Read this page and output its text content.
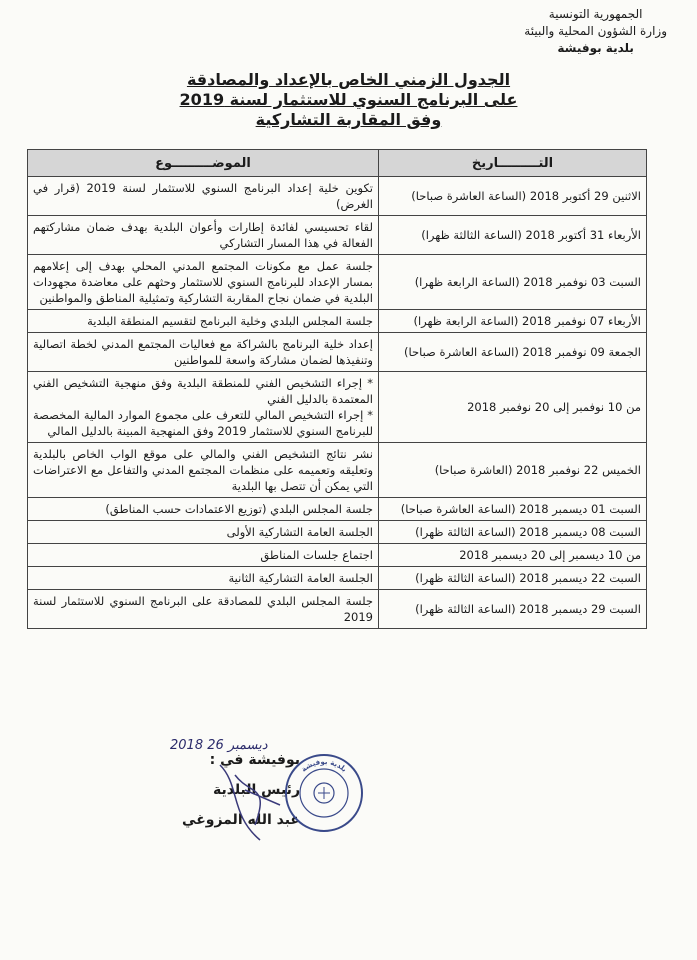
الجمهورية التونسية
وزارة الشؤون المحلية والبيئة
بلدية بوفيشة
الجدول الزمني الخاص بالإعداد والمصادقة
على البرنامج السنوي للاستثمار لسنة 2019
وفق المقاربة التشاركية
التـــــــــاريخ	الموضـــــــــوع
الاثنين 29 أكتوبر 2018 (الساعة العاشرة صباحا)	تكوين خلية إعداد البرنامج السنوي للاستثمار لسنة 2019 (قرار في الغرض)

الأربعاء 31 أكتوبر 2018 (الساعة الثالثة ظهرا)	لقاء تحسيسي لفائدة إطارات وأعوان البلدية بهدف ضمان مشاركتهم الفعالة في هذا المسار التشاركي

السبت 03 نوفمبر 2018 (الساعة الرابعة ظهرا)	جلسة عمل مع مكونات المجتمع المدني المحلي بهدف إلى إعلامهم بمسار الإعداد للبرنامج السنوي للاستثمار وحثهم على معاضدة مجهودات البلدية في ضمان نجاح المقاربة التشاركية وتمثيلية المناطق والمواطنين

الأربعاء 07 نوفمبر 2018 (الساعة الرابعة ظهرا)	جلسة المجلس البلدي وخلية البرنامج لتقسيم المنطقة البلدية

الجمعة 09 نوفمبر 2018 (الساعة العاشرة صباحا)	إعداد خلية البرنامج بالشراكة مع فعاليات المجتمع المدني لخطة اتصالية وتنفيذها لضمان مشاركة واسعة للمواطنين

من 10 نوفمبر إلى 20 نوفمبر 2018	* إجراء التشخيص الفني للمنطقة البلدية وفق منهجية التشخيص الفني المعتمدة بالدليل الفني
* إجراء التشخيص المالي للتعرف على مجموع الموارد المالية المخصصة للبرنامج السنوي للاستثمار 2019 وفق المنهجية المبينة بالدليل المالي

الخميس 22 نوفمبر 2018 (العاشرة صباحا)	نشر نتائج التشخيص الفني والمالي على موقع الواب الخاص بالبلدية وتعليقه وتعميمه على منظمات المجتمع المدني والتفاعل مع الاعتراضات التي يمكن أن تتصل بها البلدية

السبت 01 ديسمبر 2018 (الساعة العاشرة صباحا)	جلسة المجلس البلدي (توزيع الاعتمادات حسب المناطق)

السبت 08 ديسمبر 2018 (الساعة الثالثة ظهرا)	الجلسة العامة التشاركية الأولى

من 10 ديسمبر إلى 20 ديسمبر 2018	اجتماع جلسات المناطق

السبت 22 ديسمبر 2018 (الساعة الثالثة ظهرا)	الجلسة العامة التشاركية الثانية

السبت 29 ديسمبر 2018 (الساعة الثالثة ظهرا)	جلسة المجلس البلدي للمصادقة على البرنامج السنوي للاستثمار لسنة 2019
2018 ديسمبر 26
بوفيشة في :
رئيس البلدية
عبد الله المزوغي
بلدية بوفيشة
